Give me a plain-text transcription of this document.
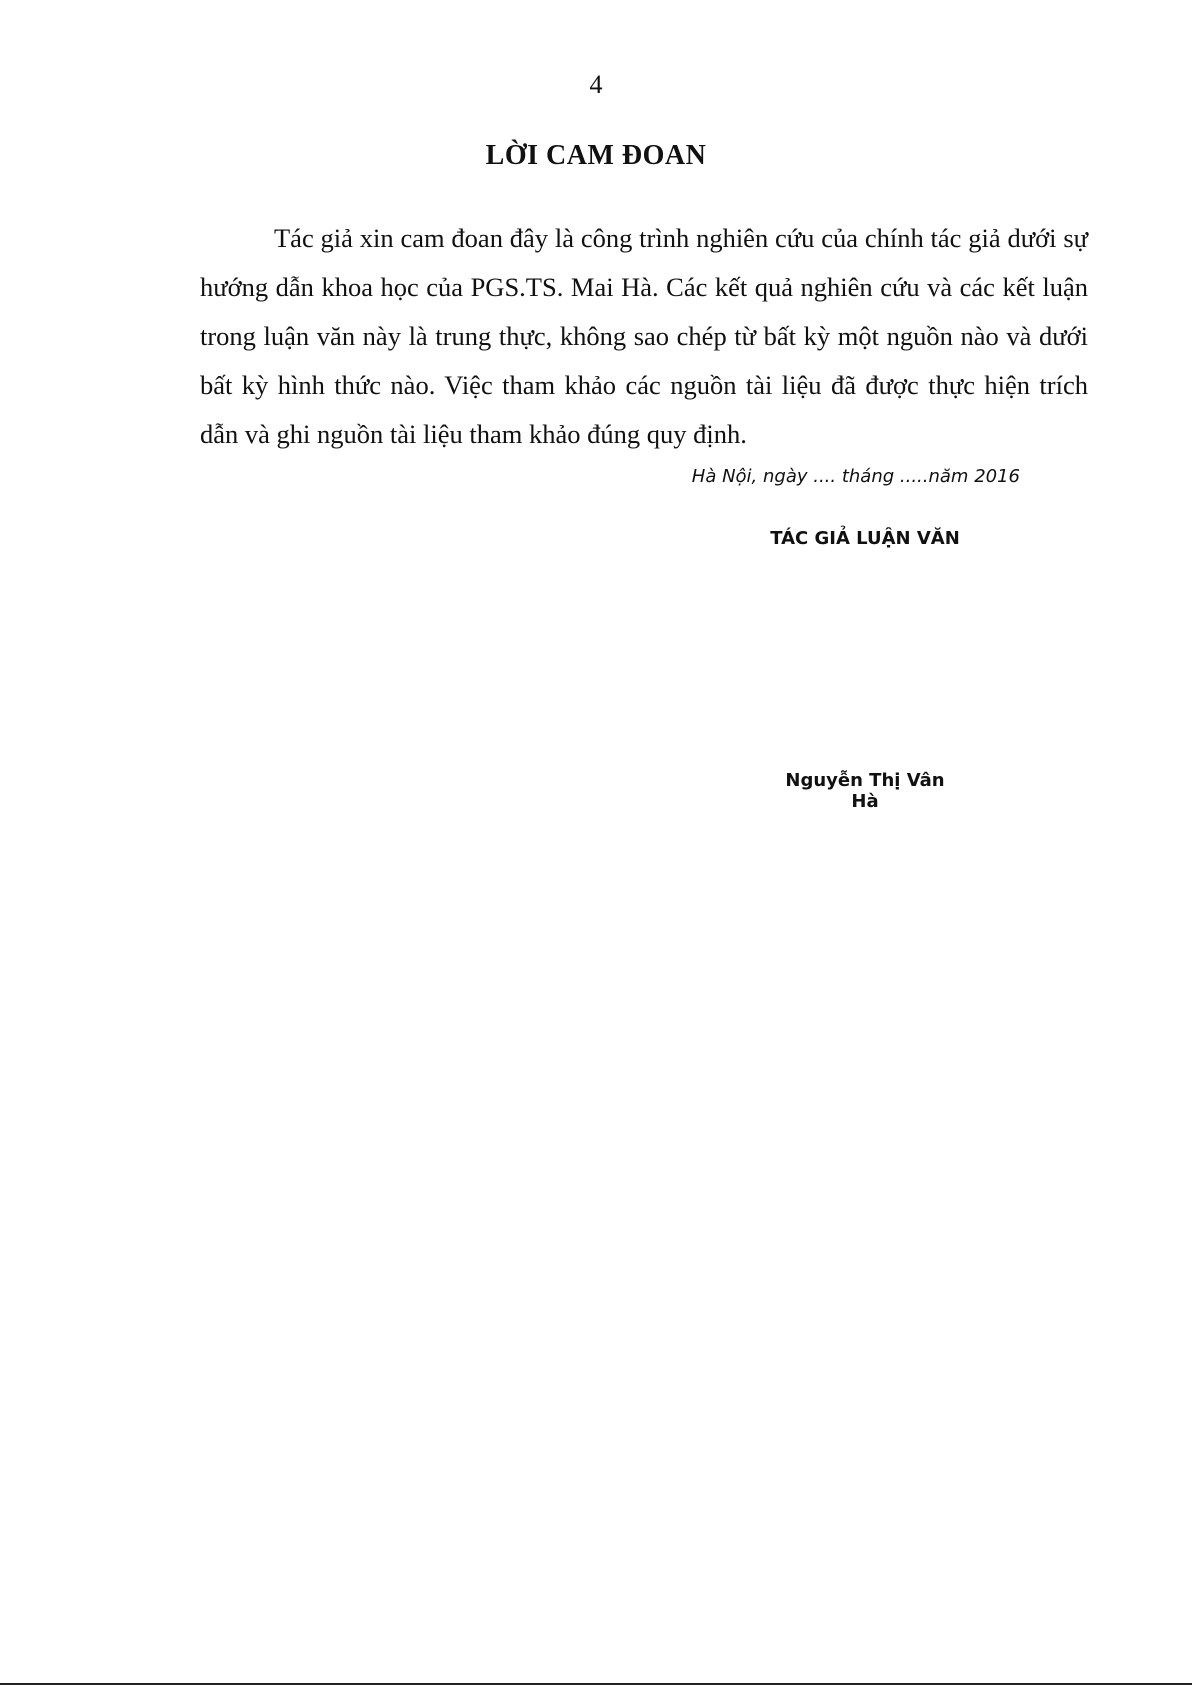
4
LỜI CAM ĐOAN

Tác giả xin cam đoan đây là công trình nghiên cứu của chính tác giả dưới sự hướng dẫn khoa học của PGS.TS. Mai Hà. Các kết quả nghiên cứu và các kết luận trong luận văn này là trung thực, không sao chép từ bất kỳ một nguồn nào và dưới bất kỳ hình thức nào. Việc tham khảo các nguồn tài liệu đã được thực hiện trích dẫn và ghi nguồn tài liệu tham khảo đúng quy định.

Hà Nội, ngày .... tháng .....năm 2016
TÁC GIẢ LUẬN VĂN
Nguyễn Thị Vân Hà
